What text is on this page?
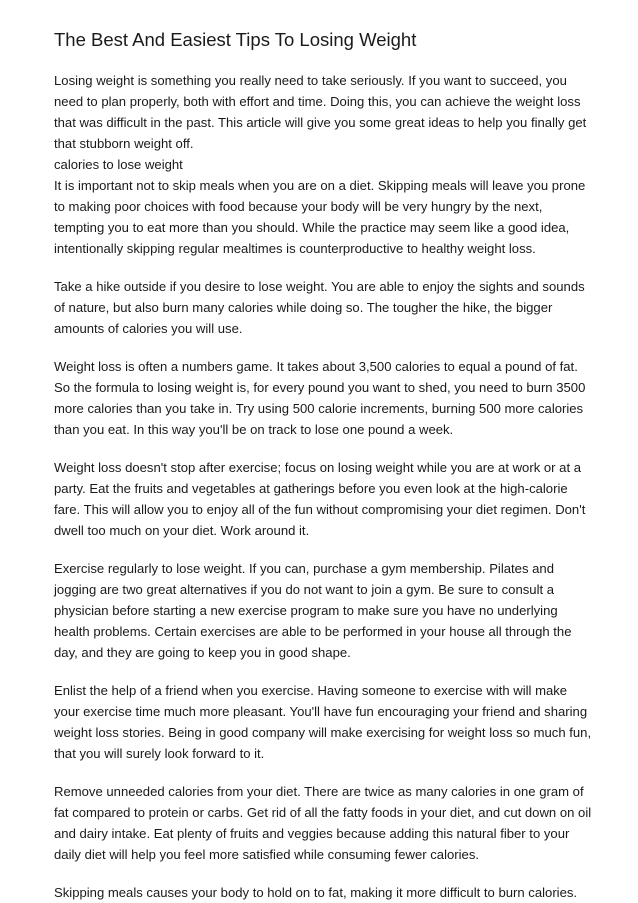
The Best And Easiest Tips To Losing Weight
Losing weight is something you really need to take seriously. If you want to succeed, you
need to plan properly, both with effort and time. Doing this, you can achieve the weight loss
that was difficult in the past. This article will give you some great ideas to help you finally get
that stubborn weight off.
calories to lose weight
It is important not to skip meals when you are on a diet. Skipping meals will leave you prone
to making poor choices with food because your body will be very hungry by the next,
tempting you to eat more than you should. While the practice may seem like a good idea,
intentionally skipping regular mealtimes is counterproductive to healthy weight loss.
Take a hike outside if you desire to lose weight. You are able to enjoy the sights and sounds
of nature, but also burn many calories while doing so. The tougher the hike, the bigger
amounts of calories you will use.
Weight loss is often a numbers game. It takes about 3,500 calories to equal a pound of fat.
So the formula to losing weight is, for every pound you want to shed, you need to burn 3500
more calories than you take in. Try using 500 calorie increments, burning 500 more calories
than you eat. In this way you'll be on track to lose one pound a week.
Weight loss doesn't stop after exercise; focus on losing weight while you are at work or at a
party. Eat the fruits and vegetables at gatherings before you even look at the high-calorie
fare. This will allow you to enjoy all of the fun without compromising your diet regimen. Don't
dwell too much on your diet. Work around it.
Exercise regularly to lose weight. If you can, purchase a gym membership. Pilates and
jogging are two great alternatives if you do not want to join a gym. Be sure to consult a
physician before starting a new exercise program to make sure you have no underlying
health problems. Certain exercises are able to be performed in your house all through the
day, and they are going to keep you in good shape.
Enlist the help of a friend when you exercise. Having someone to exercise with will make
your exercise time much more pleasant. You'll have fun encouraging your friend and sharing
weight loss stories. Being in good company will make exercising for weight loss so much fun,
that you will surely look forward to it.
Remove unneeded calories from your diet. There are twice as many calories in one gram of
fat compared to protein or carbs. Get rid of all the fatty foods in your diet, and cut down on oil
and dairy intake. Eat plenty of fruits and veggies because adding this natural fiber to your
daily diet will help you feel more satisfied while consuming fewer calories.
Skipping meals causes your body to hold on to fat, making it more difficult to burn calories.
